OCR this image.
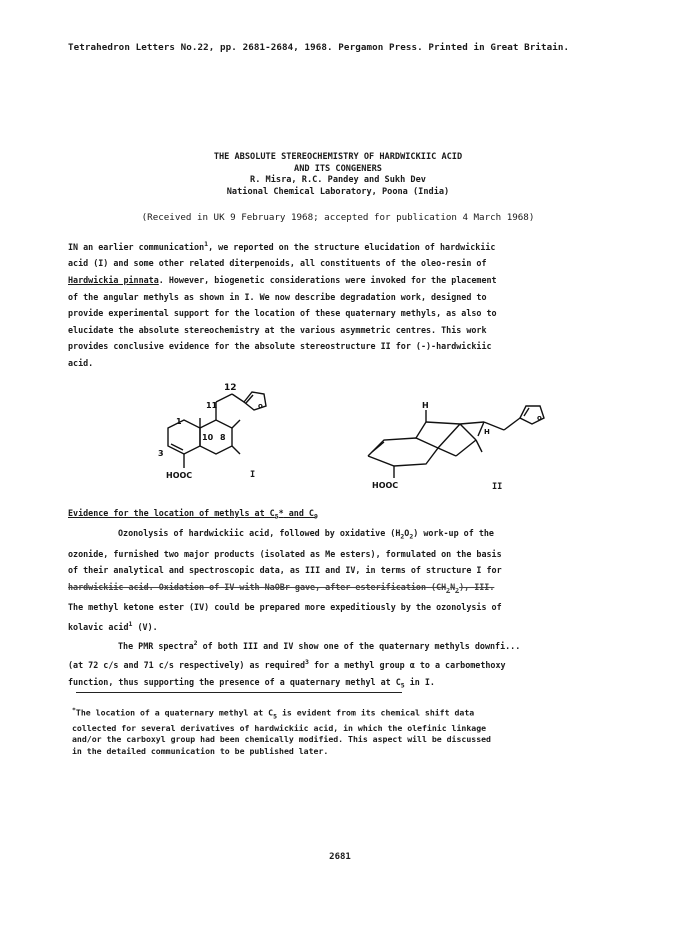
Tetrahedron Letters No.22, pp. 2681-2684, 1968. Pergamon Press. Printed in Great Britain.
THE ABSOLUTE STEREOCHEMISTRY OF HARDWICKIIC ACID
AND ITS CONGENERS
R. Misra, R.C. Pandey and Sukh Dev
National Chemical Laboratory, Poona (India)
(Received in UK 9 February 1968; accepted for publication 4 March 1968)
IN an earlier communication$^1$, we reported on the structure elucidation of hardwickiic
acid (I) and some other related diterpenoids, all constituents of the oleo-resin of
Hardwickia pinnata. However, biogenetic considerations were invoked for the placement
of the angular methyls as shown in I. We now describe degradation work, designed to
provide experimental support for the location of these quaternary methyls, as also to
elucidate the absolute stereochemistry at the various asymmetric centres. This work
provides conclusive evidence for the absolute stereostructure II for (-)-hardwickiic
acid.
o
12
11
1
10 8
3
HOOC
o
H
H
HOOC
I
II
Evidence for the location of methyls at $C_5*$ and $C_9$
Ozonolysis of hardwickiic acid, followed by oxidative $(H_2O_2)$ work-up of the
ozonide, furnished two major products (isolated as Me esters), formulated on the basis
of their analytical and spectroscopic data, as III and IV, in terms of structure I for
hardwickiic acid. Oxidation of IV with NaOBr gave, after esterification $(CH_2N_2)$, III.
The methyl ketone ester (IV) could be prepared more expeditiously by the ozonolysis of
kolavic acid$^1$ (V).
The PMR spectra$^2$ of both III and IV show one of the quaternary methyls downfi...
(at 72 c/s and 71 c/s respectively) as required$^3$ for a methyl group α to a carbomethoxy
function, thus supporting the presence of a quaternary methyl at $C_5$ in I.
*The location of a quaternary methyl at $C_5$ is evident from its chemical shift data
collected for several derivatives of hardwickiic acid, in which the olefinic linkage
and/or the carboxyl group had been chemically modified. This aspect will be discussed
in the detailed communication to be published later.
2681
